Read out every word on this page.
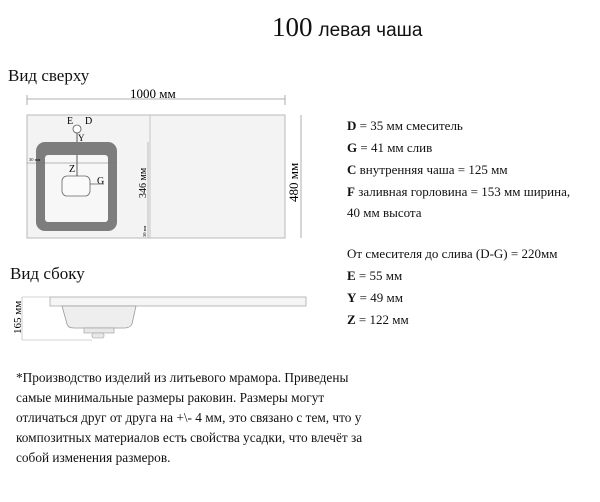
100 левая чаша
Вид сверху
1000 мм
480 мм
G
E D
Y
Z
30 мм
346 мм
30 мм
Вид сбоку
165 мм
D = 35 мм смеситель
G = 41 мм слив
C внутренняя чаша = 125 мм
F заливная горловина = 153 мм ширина,
40 мм высота
От смесителя до слива (D-G) = 220мм
E = 55 мм
Y = 49 мм
Z = 122 мм
*Производство изделий из литьевого мрамора. Приведены самые минимальные размеры раковин. Размеры могут отличаться друг от друга на +\- 4 мм, это связано с тем, что у композитных материалов есть свойства усадки, что влечёт за собой изменения размеров.
